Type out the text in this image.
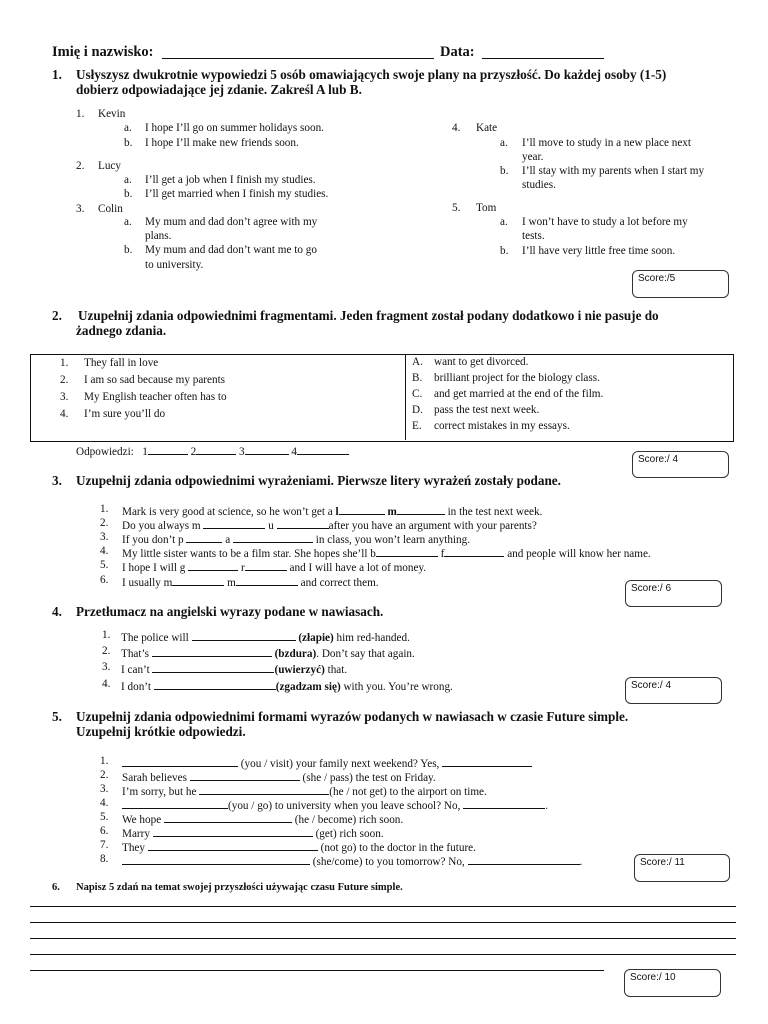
Imię i nazwisko:	Data:
1. Usłyszysz dwukrotnie wypowiedzi 5 osób omawiających swoje plany na przyszłość. Do każdej osoby (1-5)
dobierz odpowiadające jej zdanie. Zakreśl A lub B.
1. Kevin
a. I hope I’ll go on summer holidays soon.
b. I hope I’ll make new friends soon.
2. Lucy
a. I’ll get a job when I finish my studies.
b. I’ll get married when I finish my studies.
3. Colin
a. My mum and dad don’t agree with my
plans.
b. My mum and dad don’t want me to go
to university.
4. Kate
a. I’ll move to study in a new place next
year.
b. I’ll stay with my parents when I start my
studies.
5. Tom
a. I won’t have to study a lot before my
tests.
b. I’ll have very little free time soon.
Score:/5
2. Uzupełnij zdania odpowiednimi fragmentami. Jeden fragment został podany dodatkowo i nie pasuje do
żadnego zdania.
1. They fall in love
2. I am so sad because my parents
3. My English teacher often has to
4. I’m sure you’ll do
A. want to get divorced.
B. brilliant project for the biology class.
C. and get married at the end of the film.
D. pass the test next week.
E. correct mistakes in my essays.
Odpowiedzi: 1	2	3	4
Score:/ 4
3. Uzupełnij zdania odpowiednimi wyrażeniami. Pierwsze litery wyrażeń zostały podane.
1. Mark is very good at science, so he won’t get a l	m	in the test next week.
2. Do you always m	u	after you have an argument with your parents?
3. If you don’t p	a	in class, you won’t learn anything.
4. My little sister wants to be a film star. She hopes she’ll b	f	and people will know her name.
5. I hope I will g	r	and I will have a lot of money.
6. I usually m	m	and correct them.	Score:/ 6
4. Przetłumacz na angielski wyrazy podane w nawiasach.
1. The police will	(złapie) him red-handed.
2. That’s	(bzdura). Don’t say that again.
3. I can’t	(uwierzyć) that.
4. I don’t	(zgadzam się) with you. You’re wrong.	Score:/ 4
5. Uzupełnij zdania odpowiednimi formami wyrazów podanych w nawiasach w czasie Future simple.
Uzupełnij krótkie odpowiedzi.
1.	(you / visit) your family next weekend? Yes,
2. Sarah believes	(she / pass) the test on Friday.
3. I’m sorry, but he	(he / not get) to the airport on time.
4.	(you / go) to university when you leave school? No,	.
5. We hope	(he / become) rich soon.
6. Marry	(get) rich soon.
7. They	(not go) to the doctor in the future.
8.	(she/come) to you tomorrow? No,	.	Score:/ 11
6. Napisz 5 zdań na temat swojej przyszłości używając czasu Future simple.
Score:/ 10
